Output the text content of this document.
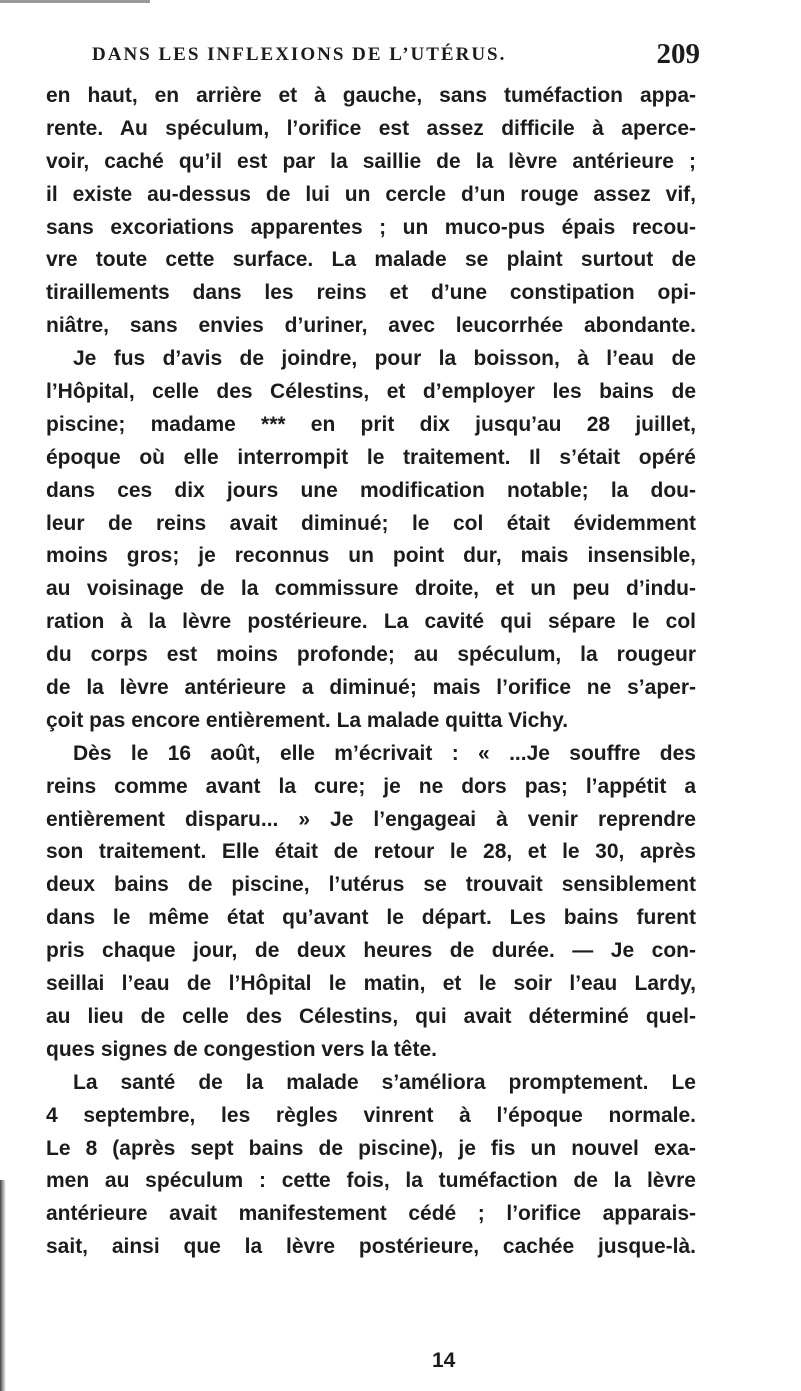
DANS LES INFLEXIONS DE L’UTÉRUS.	209
en haut, en arrière et à gauche, sans tuméfaction appa-
rente. Au spéculum, l’orifice est assez difficile à aperce-
voir, caché qu’il est par la saillie de la lèvre antérieure ;
il existe au-dessus de lui un cercle d’un rouge assez vif,
sans excoriations apparentes ; un muco-pus épais recou-
vre toute cette surface. La malade se plaint surtout de
tiraillements dans les reins et d’une constipation opi-
niâtre, sans envies d’uriner, avec leucorrhée abondante.
Je fus d’avis de joindre, pour la boisson, à l’eau de
l’Hôpital, celle des Célestins, et d’employer les bains de
piscine; madame *** en prit dix jusqu’au 28 juillet,
époque où elle interrompit le traitement. Il s’était opéré
dans ces dix jours une modification notable; la dou-
leur de reins avait diminué; le col était évidemment
moins gros; je reconnus un point dur, mais insensible,
au voisinage de la commissure droite, et un peu d’indu-
ration à la lèvre postérieure. La cavité qui sépare le col
du corps est moins profonde; au spéculum, la rougeur
de la lèvre antérieure a diminué; mais l’orifice ne s’aper-
çoit pas encore entièrement. La malade quitta Vichy.
Dès le 16 août, elle m’écrivait : « ...Je souffre des
reins comme avant la cure; je ne dors pas; l’appétit a
entièrement disparu... » Je l’engageai à venir reprendre
son traitement. Elle était de retour le 28, et le 30, après
deux bains de piscine, l’utérus se trouvait sensiblement
dans le même état qu’avant le départ. Les bains furent
pris chaque jour, de deux heures de durée. — Je con-
seillai l’eau de l’Hôpital le matin, et le soir l’eau Lardy,
au lieu de celle des Célestins, qui avait déterminé quel-
ques signes de congestion vers la tête.
La santé de la malade s’améliora promptement. Le
4 septembre, les règles vinrent à l’époque normale.
Le 8 (après sept bains de piscine), je fis un nouvel exa-
men au spéculum : cette fois, la tuméfaction de la lèvre
antérieure avait manifestement cédé ; l’orifice apparais-
sait, ainsi que la lèvre postérieure, cachée jusque-là.
14
